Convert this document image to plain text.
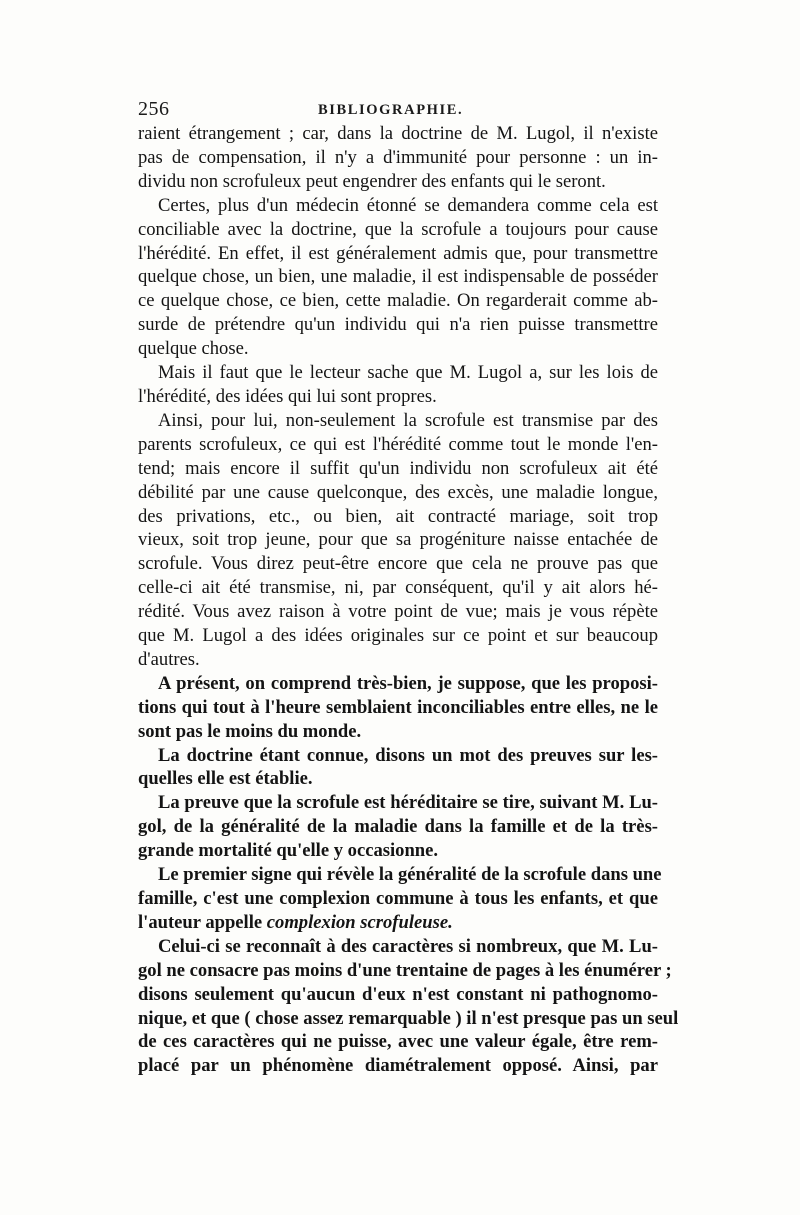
256	BIBLIOGRAPHIE.
raient étrangement ; car, dans la doctrine de M. Lugol, il n'existe
pas de compensation, il n'y a d'immunité pour personne : un in-
dividu non scrofuleux peut engendrer des enfants qui le seront.
Certes, plus d'un médecin étonné se demandera comme cela est
conciliable avec la doctrine, que la scrofule a toujours pour cause
l'hérédité. En effet, il est généralement admis que, pour transmettre
quelque chose, un bien, une maladie, il est indispensable de posséder
ce quelque chose, ce bien, cette maladie. On regarderait comme ab-
surde de prétendre qu'un individu qui n'a rien puisse transmettre
quelque chose.
Mais il faut que le lecteur sache que M. Lugol a, sur les lois de
l'hérédité, des idées qui lui sont propres.
Ainsi, pour lui, non-seulement la scrofule est transmise par des
parents scrofuleux, ce qui est l'hérédité comme tout le monde l'en-
tend; mais encore il suffit qu'un individu non scrofuleux ait été
débilité par une cause quelconque, des excès, une maladie longue,
des privations, etc., ou bien, ait contracté mariage, soit trop
vieux, soit trop jeune, pour que sa progéniture naisse entachée de
scrofule. Vous direz peut-être encore que cela ne prouve pas que
celle-ci ait été transmise, ni, par conséquent, qu'il y ait alors hé-
rédité. Vous avez raison à votre point de vue; mais je vous répète
que M. Lugol a des idées originales sur ce point et sur beaucoup
d'autres.
A présent, on comprend très-bien, je suppose, que les proposi-
tions qui tout à l'heure semblaient inconciliables entre elles, ne le
sont pas le moins du monde.
La doctrine étant connue, disons un mot des preuves sur les-
quelles elle est établie.
La preuve que la scrofule est héréditaire se tire, suivant M. Lu-
gol, de la généralité de la maladie dans la famille et de la très-
grande mortalité qu'elle y occasionne.
Le premier signe qui révèle la généralité de la scrofule dans une
famille, c'est une complexion commune à tous les enfants, et que
l'auteur appelle complexion scrofuleuse.
Celui-ci se reconnaît à des caractères si nombreux, que M. Lu-
gol ne consacre pas moins d'une trentaine de pages à les énumérer ;
disons seulement qu'aucun d'eux n'est constant ni pathognomo-
nique, et que ( chose assez remarquable ) il n'est presque pas un seul
de ces caractères qui ne puisse, avec une valeur égale, être rem-
placé par un phénomène diamétralement opposé. Ainsi, par
